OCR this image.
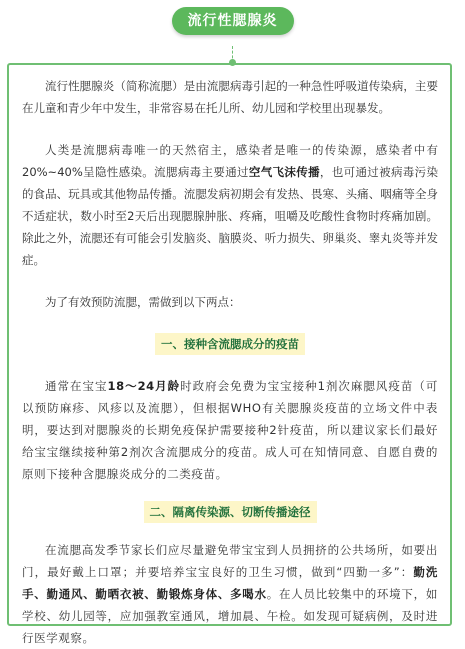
流行性腮腺炎

流行性腮腺炎（简称流腮）是由流腮病毒引起的一种急性呼吸道传染病，主要在儿童和青少年中发生，非常容易在托儿所、幼儿园和学校里出现暴发。

人类是流腮病毒唯一的天然宿主，感染者是唯一的传染源，感染者中有20%~40%呈隐性感染。流腮病毒主要通过空气飞沫传播，也可通过被病毒污染的食品、玩具或其他物品传播。流腮发病初期会有发热、畏寒、头痛、咽痛等全身不适症状，数小时至2天后出现腮腺肿胀、疼痛，咀嚼及吃酸性食物时疼痛加剧。除此之外，流腮还有可能会引发脑炎、脑膜炎、听力损失、卵巢炎、睾丸炎等并发症。

为了有效预防流腮，需做到以下两点：

一、接种含流腮成分的疫苗

通常在宝宝18～24月龄时政府会免费为宝宝接种1剂次麻腮风疫苗（可以预防麻疹、风疹以及流腮），但根据WHO有关腮腺炎疫苗的立场文件中表明，要达到对腮腺炎的长期免疫保护需要接种2针疫苗，所以建议家长们最好给宝宝继续接种第2剂次含流腮成分的疫苗。成人可在知情同意、自愿自费的原则下接种含腮腺炎成分的二类疫苗。

二、隔离传染源、切断传播途径

在流腮高发季节家长们应尽量避免带宝宝到人员拥挤的公共场所，如要出门，最好戴上口罩；并要培养宝宝良好的卫生习惯，做到“四勤一多”：勤洗手、勤通风、勤晒衣被、勤锻炼身体、多喝水。在人员比较集中的环境下，如学校、幼儿园等，应加强教室通风，增加晨、午检。如发现可疑病例，及时进行医学观察。
